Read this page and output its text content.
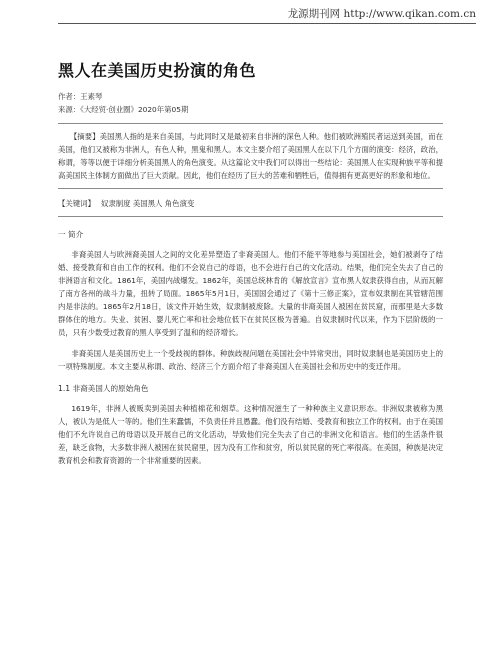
龙源期刊网 http://www.qikan.com.cn
黑人在美国历史扮演的角色
作者：王素琴
来源：《大经贸·创业圈》2020年第05期
【摘要】美国黑人指的是来自美国，与此同时又是最初来自非洲的深色人种。他们被欧洲殖民者运送到美国，而在美国，他们又被称为非洲人，有色人种，黑鬼和黑人。本文主要介绍了美国黑人在以下几个方面的演变：经济，政治，称谓，等等以便于详细分析美国黑人的角色演变。从这篇论文中我们可以得出一些结论：美国黑人在实现种族平等和提高美国民主体制方面做出了巨大贡献。因此，他们在经历了巨大的苦难和牺牲后，值得拥有更高更好的形象和地位。
【关键词】 奴隶制度 美国黑人 角色演变
一 简介

非裔美国人与欧洲裔美国人之间的文化差异塑造了非裔美国人。他们不能平等地参与美国社会，她们被剥夺了结婚、接受教育和自由工作的权利。他们不会说自己的母语，也不会进行自己的文化活动。结果，他们完全失去了自己的非洲语言和文化。1861年，美国内战爆发。1862年，美国总统林肯的《解放宣言》宣布黑人奴隶获得自由，从而瓦解了南方各州的战斗力量，扭转了局面。1865年5月1日，美国国会通过了《第十三修正案》，宣布奴隶制在其管辖范围内是非法的。1865年2月18日，该文件开始生效，奴隶制被废除。大量的非裔美国人被困在贫民窟，而那里是大多数群体住的地方。失业、贫困、婴儿死亡率和社会地位低下在贫民区极为普遍。自奴隶制时代以来，作为下层阶级的一员，只有少数受过教育的黑人享受到了温和的经济增长。

非裔美国人是美国历史上一个受歧视的群体。种族歧视问题在美国社会中异常突出，同时奴隶制也是美国历史上的一项特殊制度。本文主要从称谓、政治、经济三个方面介绍了非裔美国人在美国社会和历史中的变迁作用。

1.1 非裔美国人的原始角色

1619年，非洲人被贩卖到美国去种植棉花和烟草。这种情况滋生了一种种族主义意识形态。非洲奴隶被称为黑人，被认为是低人一等的。他们生来蠢懦，不负责任并且愚蠢。他们没有结婚、受教育和独立工作的权利。由于在美国他们不允许说自己的母语以及开展自己的文化活动，导致他们完全失去了自己的非洲文化和语言。他们的生活条件很差，缺乏食物，大多数非洲人被困在贫民窟里，因为没有工作和贫穷，所以贫民窟的死亡率很高。在美国，种族是决定教育机会和教育资源的一个非常重要的因素。
